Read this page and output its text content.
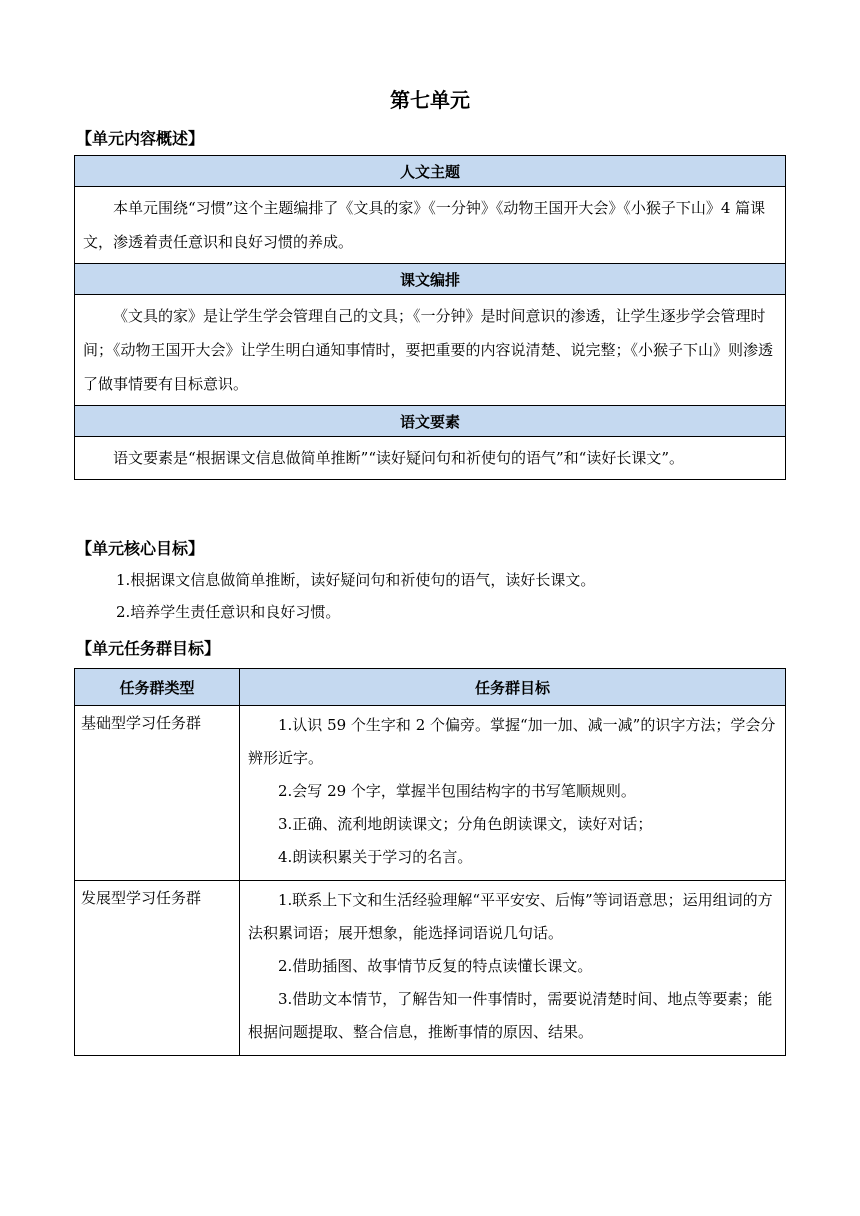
第七单元
【单元内容概述】
人文主题
本单元围绕“习惯”这个主题编排了《文具的家》《一分钟》《动物王国开大会》《小猴子下山》4 篇课文，渗透着责任意识和良好习惯的养成。
课文编排
《文具的家》是让学生学会管理自己的文具；《一分钟》是时间意识的渗透，让学生逐步学会管理时间；《动物王国开大会》让学生明白通知事情时，要把重要的内容说清楚、说完整；《小猴子下山》则渗透了做事情要有目标意识。
语文要素
语文要素是“根据课文信息做简单推断”“读好疑问句和祈使句的语气”和“读好长课文”。
【单元核心目标】

1.根据课文信息做简单推断，读好疑问句和祈使句的语气，读好长课文。

2.培养学生责任意识和良好习惯。

【单元任务群目标】
任务群类型	任务群目标
基础型学习任务群	1.认识 59 个生字和 2 个偏旁。掌握“加一加、减一减”的识字方法；学会分辨形近字。

2.会写 29 个字，掌握半包围结构字的书写笔顺规则。

3.正确、流利地朗读课文；分角色朗读课文，读好对话；

4.朗读积累关于学习的名言。

发展型学习任务群	1.联系上下文和生活经验理解“平平安安、后悔”等词语意思；运用组词的方法积累词语；展开想象，能选择词语说几句话。

2.借助插图、故事情节反复的特点读懂长课文。

3.借助文本情节，了解告知一件事情时，需要说清楚时间、地点等要素；能根据问题提取、整合信息，推断事情的原因、结果。
